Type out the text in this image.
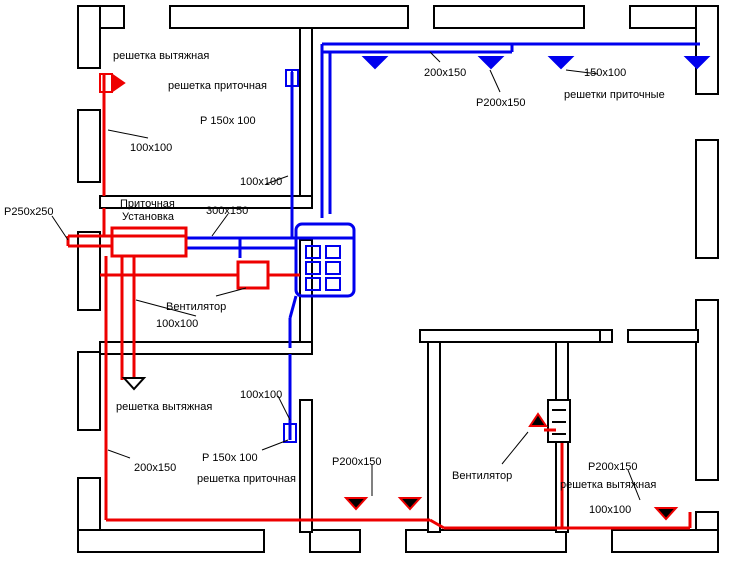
решетка вытяжная
решетка приточная
Р 150х 100
100х100
200х150	150х100
Р200х150
решетки приточные
100х100
Р250х250
Приточная
Установка	300х150
Вентилятор
100х100
решетка вытяжная
100х100
200х150
Р 150х 100
решетка приточная
Р200х150
Вентилятор
Р200х150
решетка вытяжная
100х100
